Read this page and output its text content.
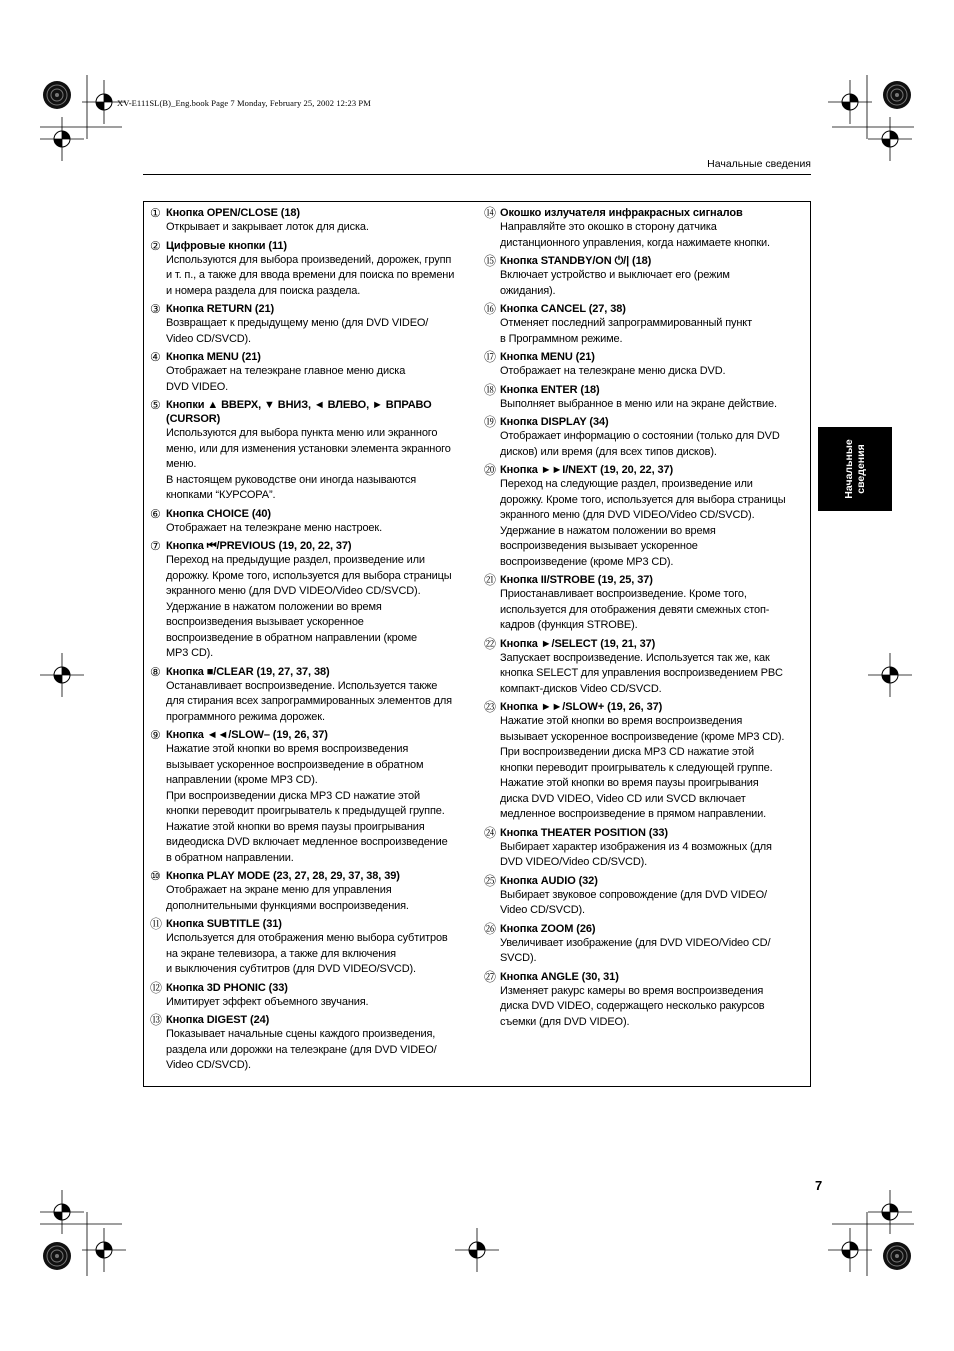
XV-E111SL(B)_Eng.book Page 7 Monday, February 25, 2002 12:23 PM
Начальные сведения
Начальные
сведения
① Кнопка OPEN/CLOSE (18)
Открывает и закрывает лоток для диска.
② Цифровые кнопки (11)
Используются для выбора произведений, дорожек, групп
и т. п., а также для ввода времени для поиска по времени
и номера раздела для поиска раздела.
③ Кнопка RETURN (21)
Возвращает к предыдущему меню (для DVD VIDEO/
Video CD/SVCD).
④ Кнопка MENU (21)
Отображает на телеэкране главное меню диска
DVD VIDEO.
⑤ Кнопки ▲ ВВЕРХ, ▼ ВНИЗ, ◄ ВЛЕВО, ► ВПРАВО
(CURSOR)
Используются для выбора пункта меню или экранного
меню, или для изменения установки элемента экранного
меню.
В настоящем руководстве они иногда называются
кнопками “КУРСОРА”.
⑥ Кнопка CHOICE (40)
Отображает на телеэкране меню настроек.
⑦ Кнопка ⏮/PREVIOUS (19, 20, 22, 37)
Переход на предыдущие раздел, произведение или
дорожку. Кроме того, используется для выбора страницы
экранного меню (для DVD VIDEO/Video CD/SVCD).
Удержание в нажатом положении во время
воспроизведения вызывает ускоренное
воспроизведение в обратном направлении (кроме
MP3 CD).
⑧ Кнопка ■/CLEAR (19, 27, 37, 38)
Останавливает воспроизведение. Используется также
для стирания всех запрограммированных элементов для
программного режима дорожек.
⑨ Кнопка ◄◄/SLOW– (19, 26, 37)
Нажатие этой кнопки во время воспроизведения
вызывает ускоренное воспроизведение в обратном
направлении (кроме MP3 CD).
При воспроизведении диска MP3 CD нажатие этой
кнопки переводит проигрыватель к предыдущей группе.
Нажатие этой кнопки во время паузы проигрывания
видеодиска DVD включает медленное воспроизведение
в обратном направлении.
⑩ Кнопка PLAY MODE (23, 27, 28, 29, 37, 38, 39)
Отображает на экране меню для управления
дополнительными функциями воспроизведения.
⑪ Кнопка SUBTITLE (31)
Используется для отображения меню выбора субтитров
на экране телевизора, а также для включения
и выключения субтитров (для DVD VIDEO/SVCD).
⑫ Кнопка 3D PHONIC (33)
Имитирует эффект объемного звучания.
⑬ Кнопка DIGEST (24)
Показывает начальные сцены каждого произведения,
раздела или дорожки на телеэкране (для DVD VIDEO/
Video CD/SVCD).
⑭ Окошко излучателя инфракрасных сигналов
Направляйте это окошко в сторону датчика
дистанционного управления, когда нажимаете кнопки.
⑮ Кнопка STANDBY/ON ⏻/| (18)
Включает устройство и выключает его (режим
ожидания).
⑯ Кнопка CANCEL (27, 38)
Отменяет последний запрограммированный пункт
в Программном режиме.
⑰ Кнопка MENU (21)
Отображает на телеэкране меню диска DVD.
⑱ Кнопка ENTER (18)
Выполняет выбранное в меню или на экране действие.
⑲ Кнопка DISPLAY (34)
Отображает информацию о состоянии (только для DVD
дисков) или время (для всех типов дисков).
⑳ Кнопка ►►I/NEXT (19, 20, 22, 37)
Переход на следующие раздел, произведение или
дорожку. Кроме того, используется для выбора страницы
экранного меню (для DVD VIDEO/Video CD/SVCD).
Удержание в нажатом положении во время
воспроизведения вызывает ускоренное
воспроизведение (кроме MP3 CD).
㉑ Кнопка II/STROBE (19, 25, 37)
Приостанавливает воспроизведение. Кроме того,
используется для отображения девяти смежных стоп-
кадров (функция STROBE).
㉒ Кнопка ►/SELECT (19, 21, 37)
Запускает воспроизведение. Используется так же, как
кнопка SELECT для управления воспроизведением PBC
компакт-дисков Video CD/SVCD.
㉓ Кнопка ►►/SLOW+ (19, 26, 37)
Нажатие этой кнопки во время воспроизведения
вызывает ускоренное воспроизведение (кроме MP3 CD).
При воспроизведении диска MP3 CD нажатие этой
кнопки переводит проигрыватель к следующей группе.
Нажатие этой кнопки во время паузы проигрывания
диска DVD VIDEO, Video CD или SVCD включает
медленное воспроизведение в прямом направлении.
㉔ Кнопка THEATER POSITION (33)
Выбирает характер изображения из 4 возможных (для
DVD VIDEO/Video CD/SVCD).
㉕ Кнопка AUDIO (32)
Выбирает звуковое сопровождение (для DVD VIDEO/
Video CD/SVCD).
㉖ Кнопка ZOOM (26)
Увеличивает изображение (для DVD VIDEO/Video CD/
SVCD).
㉗ Кнопка ANGLE (30, 31)
Изменяет ракурс камеры во время воспроизведения
диска DVD VIDEO, содержащего несколько ракурсов
съемки (для DVD VIDEO).
7
